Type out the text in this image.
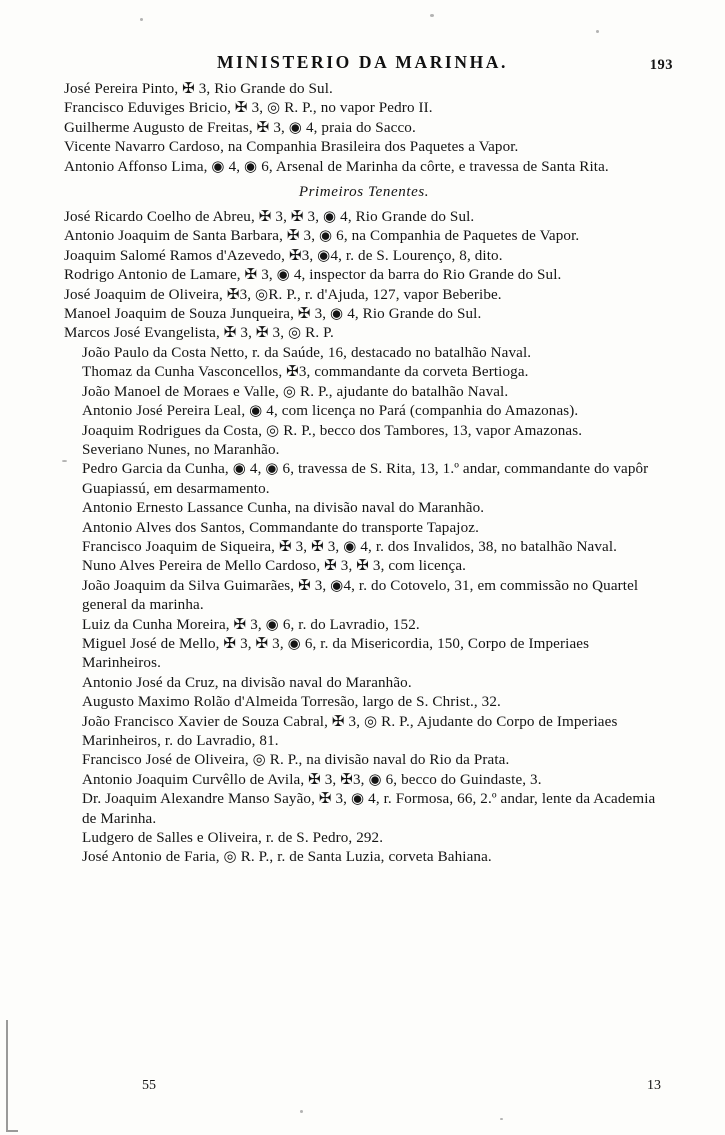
MINISTERIO DA MARINHA.	193
José Pereira Pinto, ✠ 3, Rio Grande do Sul.
Francisco Eduviges Bricio, ✠ 3, ◎ R. P., no vapor Pedro II.
Guilherme Augusto de Freitas, ✠ 3, ◉ 4, praia do Sacco.
Vicente Navarro Cardoso, na Companhia Brasileira dos Paquetes a Vapor.
Antonio Affonso Lima, ◉ 4, ◉ 6, Arsenal de Marinha da côrte, e travessa de Santa Rita.
Primeiros Tenentes.
José Ricardo Coelho de Abreu, ✠ 3, ✠ 3, ◉ 4, Rio Grande do Sul.
Antonio Joaquim de Santa Barbara, ✠ 3, ◉ 6, na Companhia de Paquetes de Vapor.
Joaquim Salomé Ramos d'Azevedo, ✠3, ◉4, r. de S. Lourenço, 8, dito.
Rodrigo Antonio de Lamare, ✠ 3, ◉ 4, inspector da barra do Rio Grande do Sul.
José Joaquim de Oliveira, ✠3, ◎R. P., r. d'Ajuda, 127, vapor Beberibe.
Manoel Joaquim de Souza Junqueira, ✠ 3, ◉ 4, Rio Grande do Sul.
Marcos José Evangelista, ✠ 3, ✠ 3, ◎ R. P.
João Paulo da Costa Netto, r. da Saúde, 16, destacado no batalhão Naval.
Thomaz da Cunha Vasconcellos, ✠3, commandante da corveta Bertioga.
João Manoel de Moraes e Valle, ◎ R. P., ajudante do batalhão Naval.
Antonio José Pereira Leal, ◉ 4, com licença no Pará (companhia do Amazonas).
Joaquim Rodrigues da Costa, ◎ R. P., becco dos Tambores, 13, vapor Amazonas.
Severiano Nunes, no Maranhão.
Pedro Garcia da Cunha, ◉ 4, ◉ 6, travessa de S. Rita, 13, 1.º andar, commandante do vapôr Guapiassú, em desarmamento.
Antonio Ernesto Lassance Cunha, na divisão naval do Maranhão.
Antonio Alves dos Santos, Commandante do transporte Tapajoz.
Francisco Joaquim de Siqueira, ✠ 3, ✠ 3, ◉ 4, r. dos Invalidos, 38, no batalhão Naval.
Nuno Alves Pereira de Mello Cardoso, ✠ 3, ✠ 3, com licença.
João Joaquim da Silva Guimarães, ✠ 3, ◉4, r. do Cotovelo, 31, em commissão no Quartel general da marinha.
Luiz da Cunha Moreira, ✠ 3, ◉ 6, r. do Lavradio, 152.
Miguel José de Mello, ✠ 3, ✠ 3, ◉ 6, r. da Misericordia, 150, Corpo de Imperiaes Marinheiros.
Antonio José da Cruz, na divisão naval do Maranhão.
Augusto Maximo Rolão d'Almeida Torresão, largo de S. Christ., 32.
João Francisco Xavier de Souza Cabral, ✠ 3, ◎ R. P., Ajudante do Corpo de Imperiaes Marinheiros, r. do Lavradio, 81.
Francisco José de Oliveira, ◎ R. P., na divisão naval do Rio da Prata.
Antonio Joaquim Curvêllo de Avila, ✠ 3, ✠3, ◉ 6, becco do Guindaste, 3.
Dr. Joaquim Alexandre Manso Sayão, ✠ 3, ◉ 4, r. Formosa, 66, 2.º andar, lente da Academia de Marinha.
Ludgero de Salles e Oliveira, r. de S. Pedro, 292.
José Antonio de Faria, ◎ R. P., r. de Santa Luzia, corveta Bahiana.
55	13
